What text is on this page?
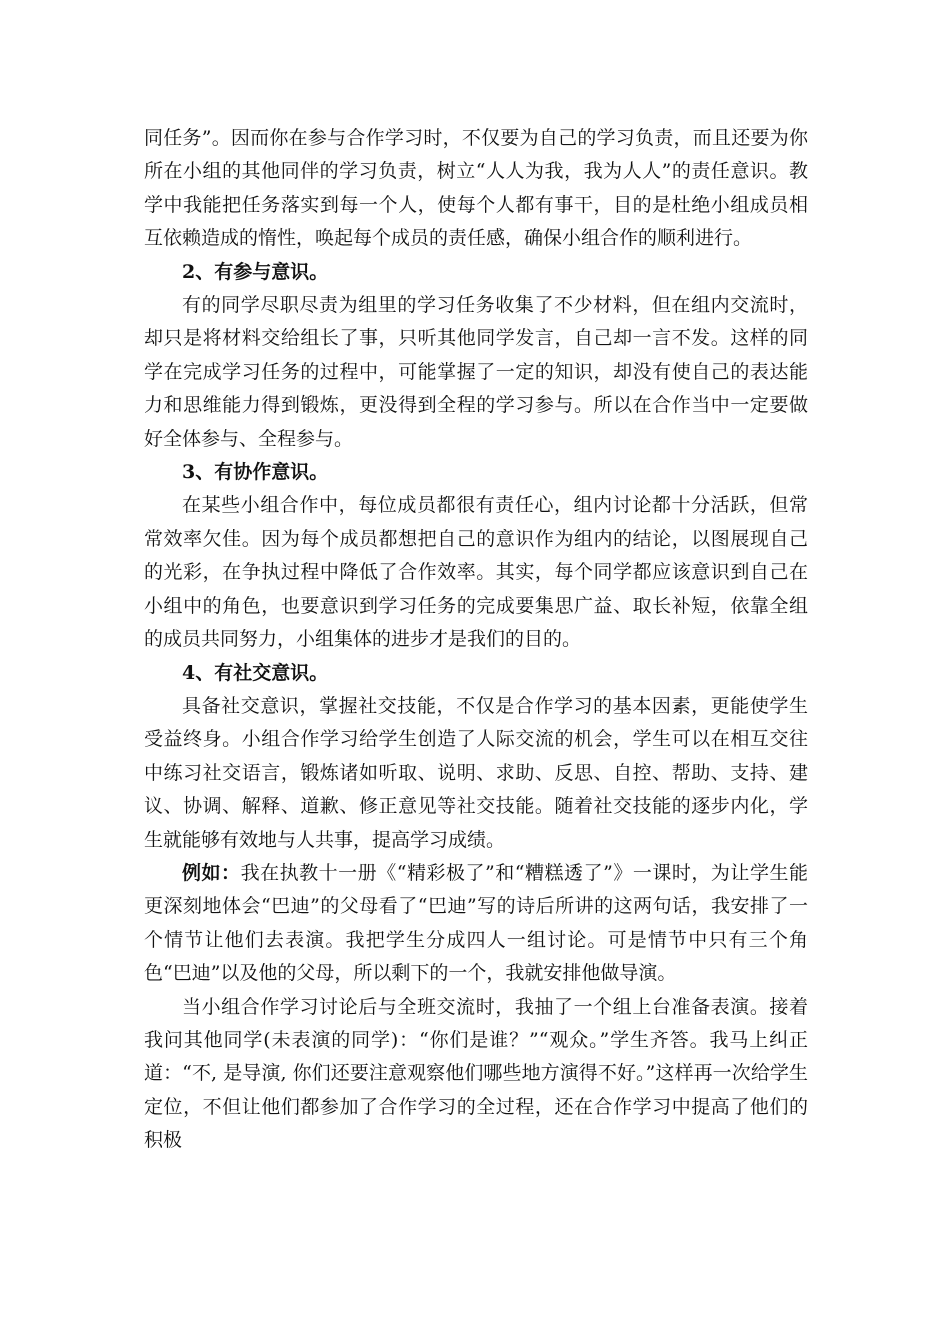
同任务”。因而你在参与合作学习时，不仅要为自己的学习负责，而且还要为你所在小组的其他同伴的学习负责，树立“人人为我，我为人人”的责任意识。教学中我能把任务落实到每一个人，使每个人都有事干，目的是杜绝小组成员相互依赖造成的惰性，唤起每个成员的责任感，确保小组合作的顺利进行。

2、有参与意识。

有的同学尽职尽责为组里的学习任务收集了不少材料，但在组内交流时，却只是将材料交给组长了事，只听其他同学发言，自己却一言不发。这样的同学在完成学习任务的过程中，可能掌握了一定的知识，却没有使自己的表达能力和思维能力得到锻炼，更没得到全程的学习参与。所以在合作当中一定要做好全体参与、全程参与。

3、有协作意识。

在某些小组合作中，每位成员都很有责任心，组内讨论都十分活跃，但常常效率欠佳。因为每个成员都想把自己的意识作为组内的结论，以图展现自己的光彩，在争执过程中降低了合作效率。其实，每个同学都应该意识到自己在小组中的角色，也要意识到学习任务的完成要集思广益、取长补短，依靠全组的成员共同努力，小组集体的进步才是我们的目的。

4、有社交意识。

具备社交意识，掌握社交技能，不仅是合作学习的基本因素，更能使学生受益终身。小组合作学习给学生创造了人际交流的机会，学生可以在相互交往中练习社交语言，锻炼诸如听取、说明、求助、反思、自控、帮助、支持、建议、协调、解释、道歉、修正意见等社交技能。随着社交技能的逐步内化，学生就能够有效地与人共事，提高学习成绩。

例如：我在执教十一册《“精彩极了”和“糟糕透了”》一课时，为让学生能更深刻地体会“巴迪”的父母看了“巴迪”写的诗后所讲的这两句话，我安排了一个情节让他们去表演。我把学生分成四人一组讨论。可是情节中只有三个角色“巴迪”以及他的父母，所以剩下的一个，我就安排他做导演。

当小组合作学习讨论后与全班交流时，我抽了一个组上台准备表演。接着我问其他同学(未表演的同学)：“你们是谁？”“观众。”学生齐答。我马上纠正道：“不, 是导演, 你们还要注意观察他们哪些地方演得不好。”这样再一次给学生定位，不但让他们都参加了合作学习的全过程，还在合作学习中提高了他们的积极
